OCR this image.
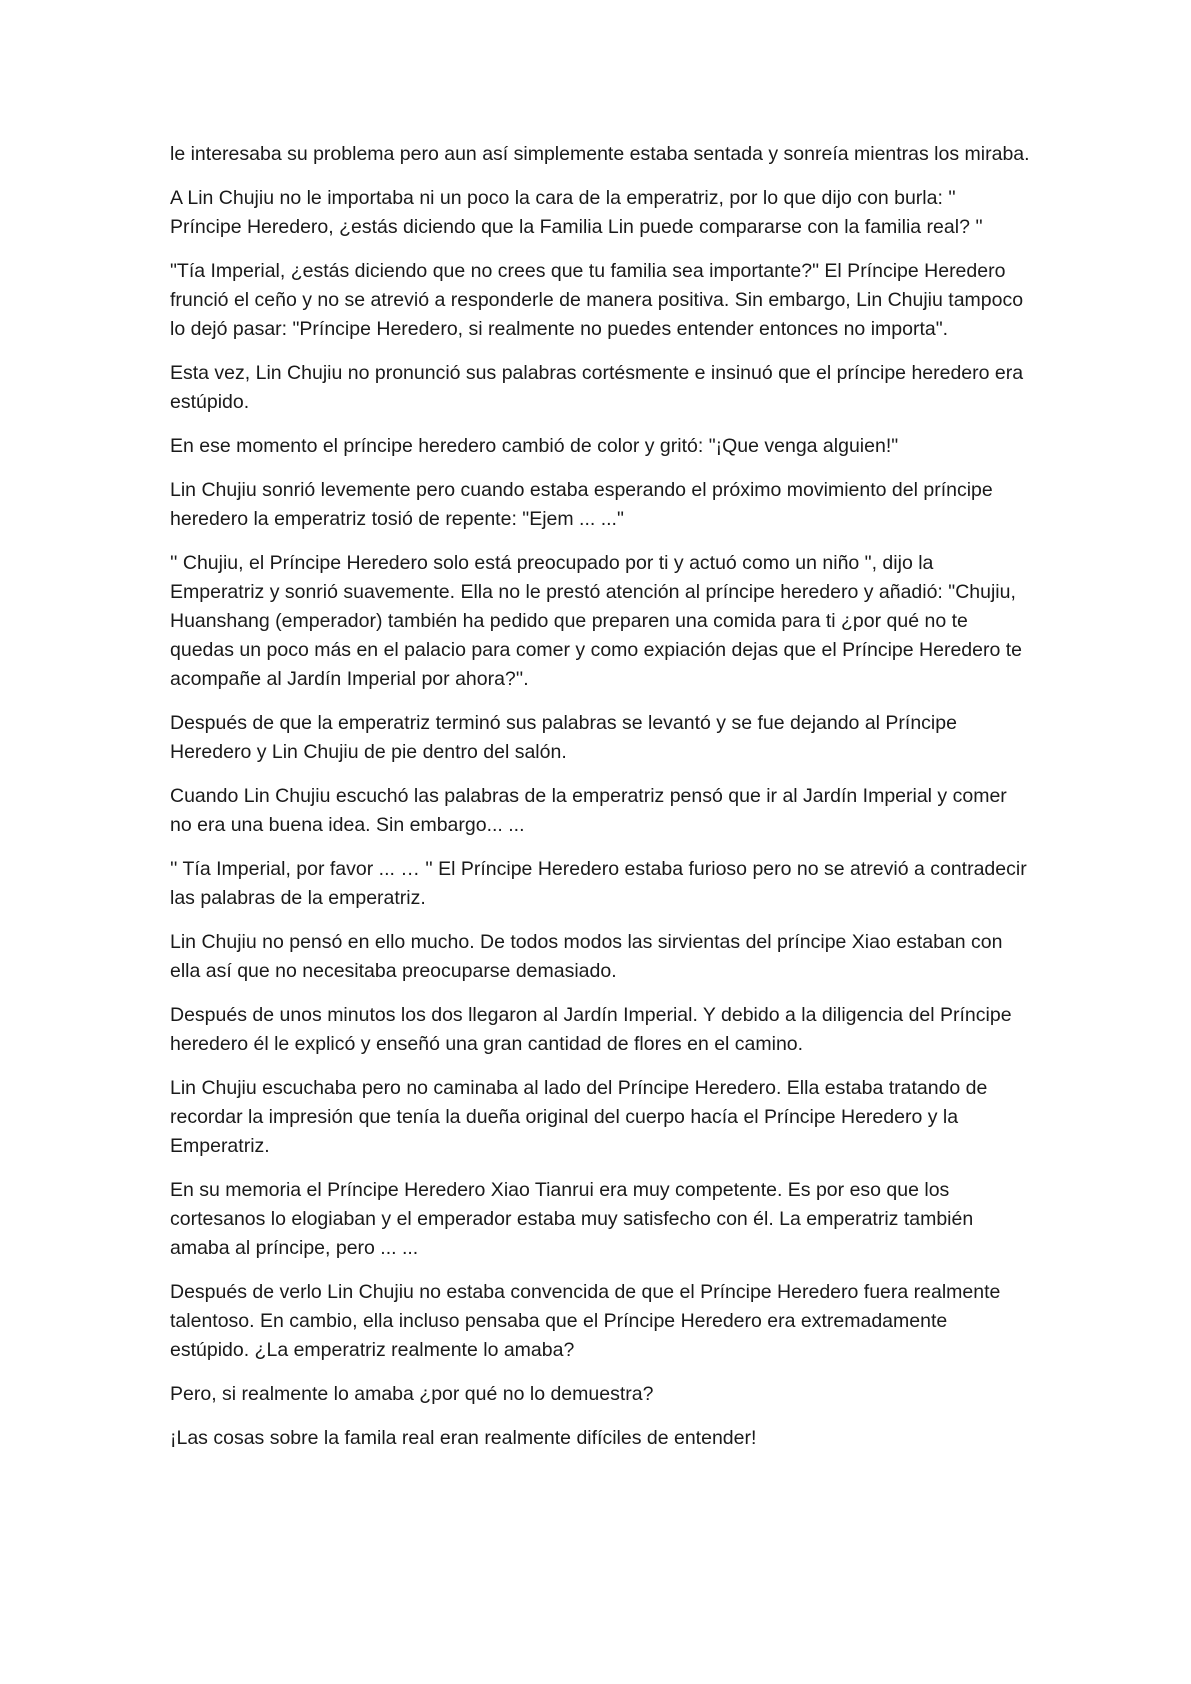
le interesaba su problema pero aun así simplemente estaba sentada y sonreía mientras los miraba.

A Lin Chujiu no le importaba ni un poco la cara de la emperatriz, por lo que dijo con burla: '' Príncipe Heredero, ¿estás diciendo que la Familia Lin puede compararse con la familia real? ''

"Tía Imperial, ¿estás diciendo que no crees que tu familia sea importante?" El Príncipe Heredero frunció el ceño y no se atrevió a responderle de manera positiva. Sin embargo, Lin Chujiu tampoco lo dejó pasar: "Príncipe Heredero, si realmente no puedes entender entonces no importa".

Esta vez, Lin Chujiu no pronunció sus palabras cortésmente e insinuó que el príncipe heredero era estúpido.

En ese momento el príncipe heredero cambió de color y gritó: "¡Que venga alguien!"

Lin Chujiu sonrió levemente pero cuando estaba esperando el próximo movimiento del príncipe heredero la emperatriz tosió de repente: "Ejem ... ..."

'' Chujiu, el Príncipe Heredero solo está preocupado por ti y actuó como un niño ", dijo la Emperatriz y sonrió suavemente. Ella no le prestó atención al príncipe heredero y añadió: "Chujiu, Huanshang (emperador) también ha pedido que preparen una comida para ti ¿por qué no te quedas un poco más en el palacio para comer y como expiación dejas que el Príncipe Heredero te acompañe al Jardín Imperial por ahora?''.

Después de que la emperatriz terminó sus palabras se levantó y se fue dejando al Príncipe Heredero y Lin Chujiu de pie dentro del salón.

Cuando Lin Chujiu escuchó las palabras de la emperatriz pensó que ir al Jardín Imperial y comer no era una buena idea. Sin embargo... ...

'' Tía Imperial, por favor ... … '' El Príncipe Heredero estaba furioso pero no se atrevió a contradecir las palabras de la emperatriz.

Lin Chujiu no pensó en ello mucho. De todos modos las sirvientas del príncipe Xiao estaban con ella así que no necesitaba preocuparse demasiado.

Después de unos minutos los dos llegaron al Jardín Imperial. Y debido a la diligencia del Príncipe heredero él le explicó y enseñó una gran cantidad de flores en el camino.

Lin Chujiu escuchaba pero no caminaba al lado del Príncipe Heredero. Ella estaba tratando de recordar la impresión que tenía la dueña original del cuerpo hacía el Príncipe Heredero y la Emperatriz.

En su memoria el Príncipe Heredero Xiao Tianrui era muy competente. Es por eso que los cortesanos lo elogiaban y el emperador estaba muy satisfecho con él. La emperatriz también amaba al príncipe, pero ... ...

Después de verlo Lin Chujiu no estaba convencida de que el Príncipe Heredero fuera realmente talentoso. En cambio, ella incluso pensaba que el Príncipe Heredero era extremadamente estúpido. ¿La emperatriz realmente lo amaba?

Pero, si realmente lo amaba ¿por qué no lo demuestra?

¡Las cosas sobre la famila real eran realmente difíciles de entender!
